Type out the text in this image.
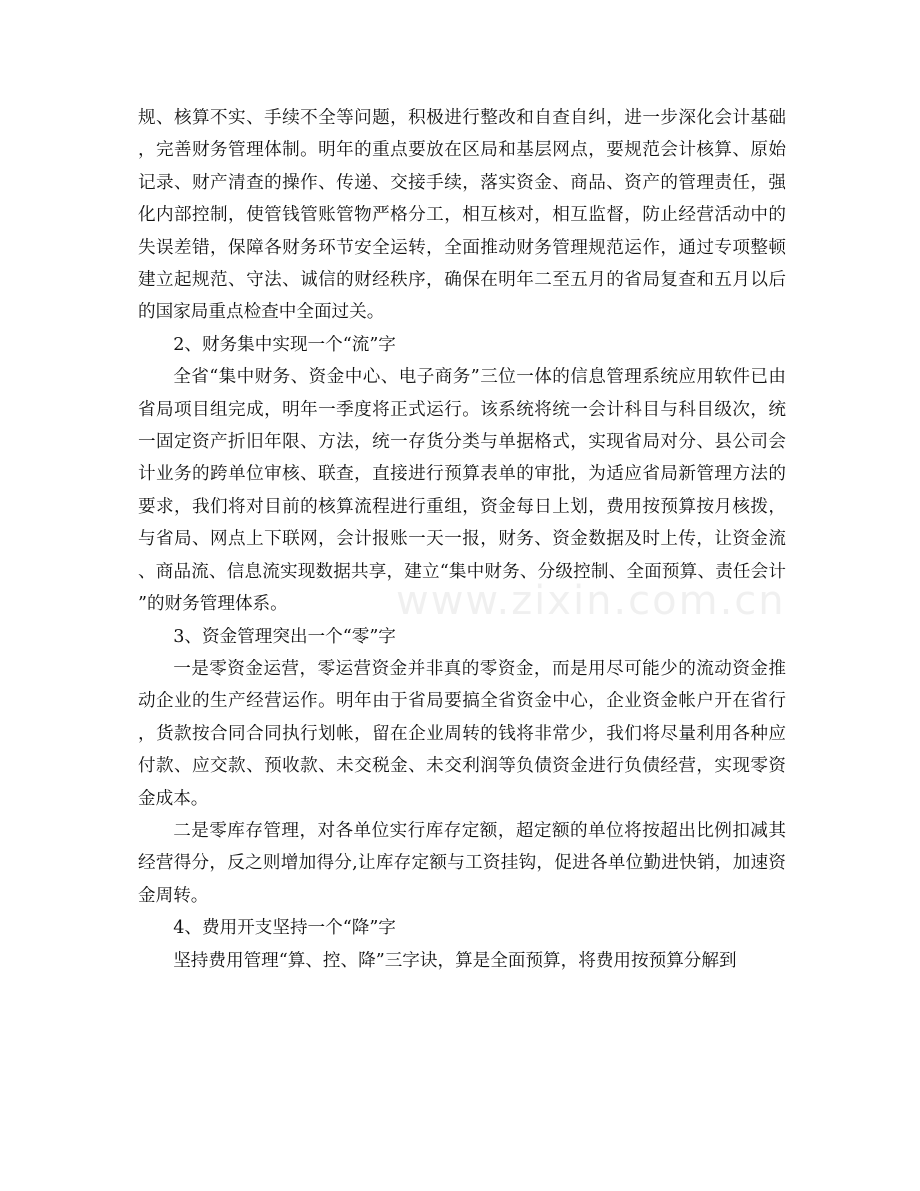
规、核算不实、手续不全等问题，积极进行整改和自查自纠，进一步深化会计基础，完善财务管理体制。明年的重点要放在区局和基层网点，要规范会计核算、原始记录、财产清查的操作、传递、交接手续，落实资金、商品、资产的管理责任，强化内部控制，使管钱管账管物严格分工，相互核对，相互监督，防止经营活动中的失误差错，保障各财务环节安全运转，全面推动财务管理规范运作，通过专项整顿建立起规范、守法、诚信的财经秩序，确保在明年二至五月的省局复查和五月以后的国家局重点检查中全面过关。

2、财务集中实现一个“流”字

全省“集中财务、资金中心、电子商务”三位一体的信息管理系统应用软件已由省局项目组完成，明年一季度将正式运行。该系统将统一会计科目与科目级次，统一固定资产折旧年限、方法，统一存货分类与单据格式，实现省局对分、县公司会计业务的跨单位审核、联查，直接进行预算表单的审批，为适应省局新管理方法的要求，我们将对目前的核算流程进行重组，资金每日上划，费用按预算按月核拨，与省局、网点上下联网，会计报账一天一报，财务、资金数据及时上传，让资金流、商品流、信息流实现数据共享，建立“集中财务、分级控制、全面预算、责任会计”的财务管理体系。

3、资金管理突出一个“零”字

一是零资金运营，零运营资金并非真的零资金，而是用尽可能少的流动资金推动企业的生产经营运作。明年由于省局要搞全省资金中心，企业资金帐户开在省行，货款按合同合同执行划帐，留在企业周转的钱将非常少，我们将尽量利用各种应付款、应交款、预收款、未交税金、未交利润等负债资金进行负债经营，实现零资金成本。

二是零库存管理，对各单位实行库存定额，超定额的单位将按超出比例扣减其经营得分，反之则增加得分,让库存定额与工资挂钩，促进各单位勤进快销，加速资金周转。

4、费用开支坚持一个“降”字

坚持费用管理“算、控、降”三字诀，算是全面预算，将费用按预算分解到

www.zixin.com.cn
